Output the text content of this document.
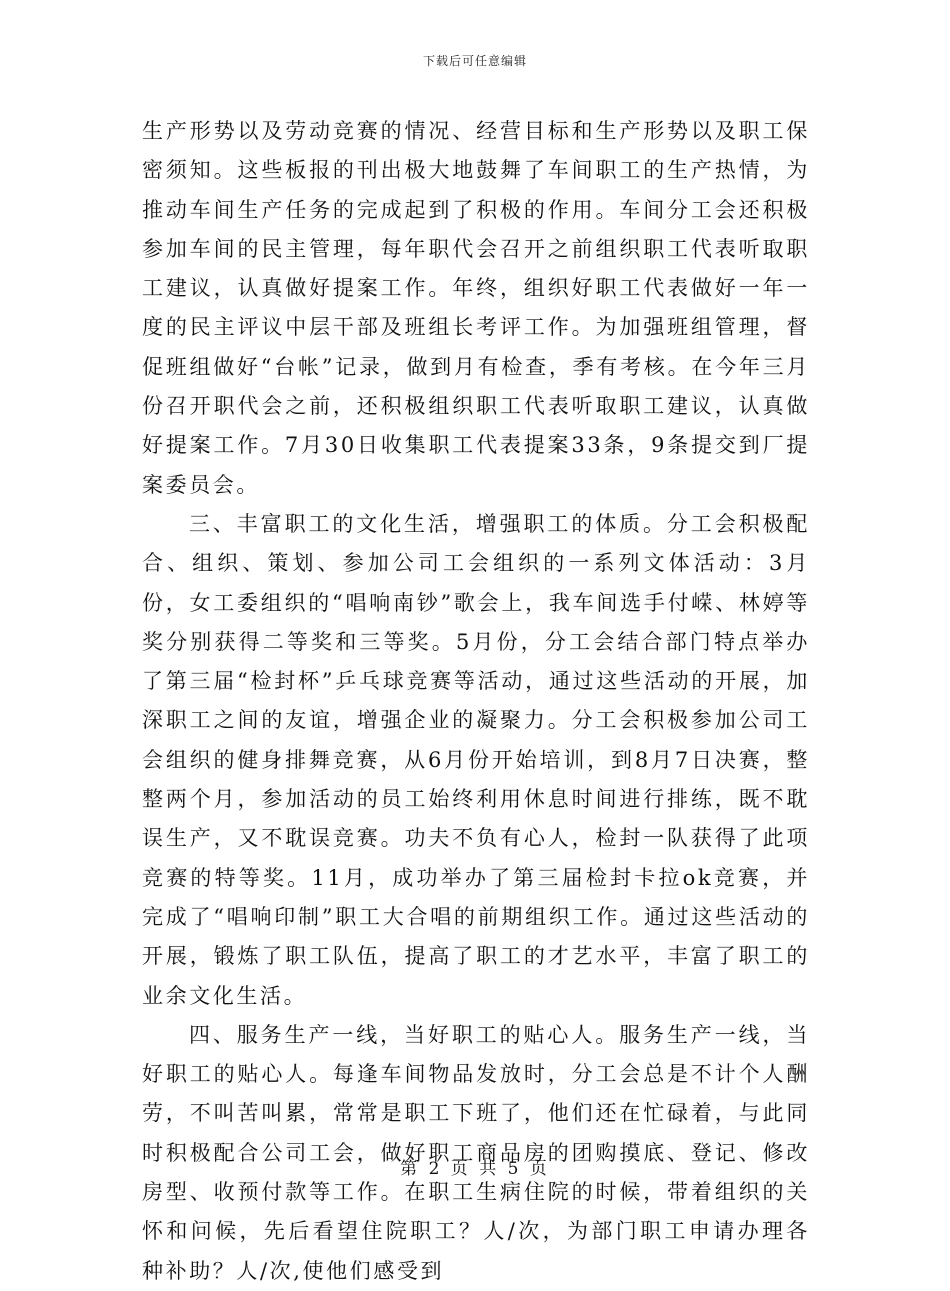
下载后可任意编辑

生产形势以及劳动竞赛的情况、经营目标和生产形势以及职工保密须知。这些板报的刊出极大地鼓舞了车间职工的生产热情，为推动车间生产任务的完成起到了积极的作用。车间分工会还积极参加车间的民主管理，每年职代会召开之前组织职工代表听取职工建议，认真做好提案工作。年终，组织好职工代表做好一年一度的民主评议中层干部及班组长考评工作。为加强班组管理，督促班组做好“台帐”记录，做到月有检查，季有考核。在今年三月份召开职代会之前，还积极组织职工代表听取职工建议，认真做好提案工作。7月30日收集职工代表提案33条，9条提交到厂提案委员会。

三、丰富职工的文化生活，增强职工的体质。分工会积极配合、组织、策划、参加公司工会组织的一系列文体活动：3月份，女工委组织的“唱响南钞”歌会上，我车间选手付嵘、林婷等奖分别获得二等奖和三等奖。5月份，分工会结合部门特点举办了第三届“检封杯”乒乓球竞赛等活动，通过这些活动的开展，加深职工之间的友谊，增强企业的凝聚力。分工会积极参加公司工会组织的健身排舞竞赛，从6月份开始培训，到8月7日决赛，整整两个月，参加活动的员工始终利用休息时间进行排练，既不耽误生产，又不耽误竞赛。功夫不负有心人，检封一队获得了此项竞赛的特等奖。11月，成功举办了第三届检封卡拉ok竞赛，并完成了“唱响印制”职工大合唱的前期组织工作。通过这些活动的开展，锻炼了职工队伍，提高了职工的才艺水平，丰富了职工的业余文化生活。

四、服务生产一线，当好职工的贴心人。服务生产一线，当好职工的贴心人。每逢车间物品发放时，分工会总是不计个人酬劳，不叫苦叫累，常常是职工下班了，他们还在忙碌着，与此同时积极配合公司工会，做好职工商品房的团购摸底、登记、修改房型、收预付款等工作。在职工生病住院的时候，带着组织的关怀和问候，先后看望住院职工？人/次，为部门职工申请办理各种补助？人/次,使他们感受到

第 2 页 共 5 页
